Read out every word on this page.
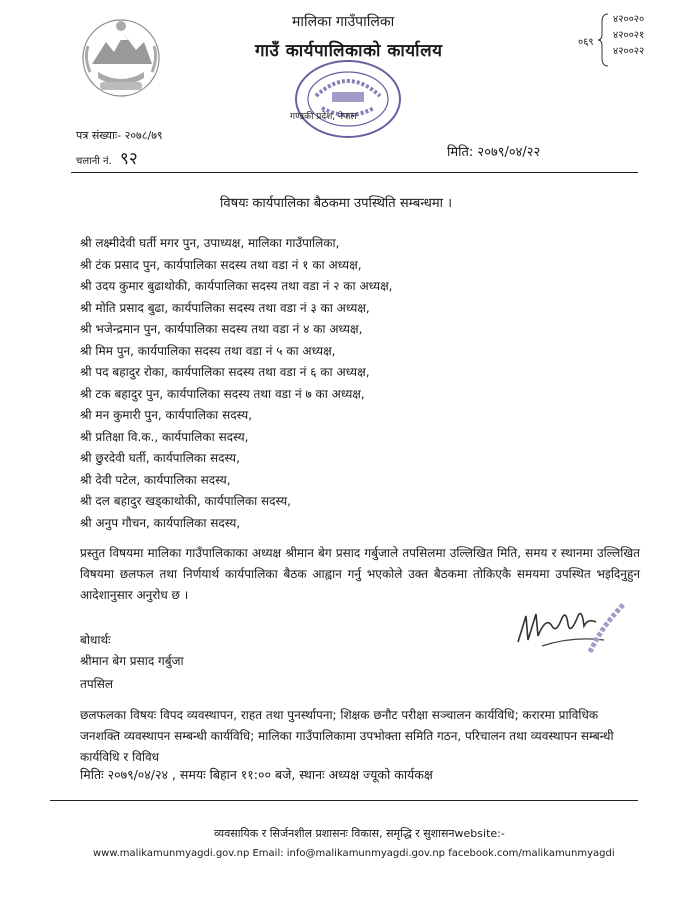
मालिका गाउँपालिका
गाउँ कार्यपालिकाको कार्यालय
गण्डकी प्रदेश, नेपाल
०६९
४२००२०
४२००२१
४२००२२
पत्र संख्याः- २०७८/७९
चलानी नं. ९२	मिति: २०७९/०४/२२
विषयः कार्यपालिका बैठकमा उपस्थिति सम्बन्धमा ।
श्री लक्ष्मीदेवी घर्ती मगर पुन, उपाध्यक्ष, मालिका गाउँपालिका,
श्री टंक प्रसाद पुन, कार्यपालिका सदस्य तथा वडा नं १ का अध्यक्ष,
श्री उदय कुमार बुढाथोकी, कार्यपालिका सदस्य तथा वडा नं २ का अध्यक्ष,
श्री मोति प्रसाद बुढा, कार्यपालिका सदस्य तथा वडा नं ३ का अध्यक्ष,
श्री भजेन्द्रमान पुन, कार्यपालिका सदस्य तथा वडा नं ४ का अध्यक्ष,
श्री मिम पुन, कार्यपालिका सदस्य तथा वडा नं ५ का अध्यक्ष,
श्री पद बहादुर रोका, कार्यपालिका सदस्य तथा वडा नं ६ का अध्यक्ष,
श्री टक बहादुर पुन, कार्यपालिका सदस्य तथा वडा नं ७ का अध्यक्ष,
श्री मन कुमारी पुन, कार्यपालिका सदस्य,
श्री प्रतिक्षा वि.क., कार्यपालिका सदस्य,
श्री छुरदेवी घर्ती, कार्यपालिका सदस्य,
श्री देवी पटेल, कार्यपालिका सदस्य,
श्री दल बहादुर खड्काथोकी, कार्यपालिका सदस्य,
श्री अनुप गौचन, कार्यपालिका सदस्य,
प्रस्तुत विषयमा मालिका गाउँपालिकाका अध्यक्ष श्रीमान बेग प्रसाद गर्बुजाले तपसिलमा उल्लिखित मिति, समय र स्थानमा उल्लिखित विषयमा छलफल तथा निर्णयार्थ कार्यपालिका बैठक आह्वान गर्नु भएकोले उक्त बैठकमा तोकिएकै समयमा उपस्थित भइदिनुहुन आदेशानुसार अनुरोध छ ।
बोधार्थः
श्रीमान बेग प्रसाद गर्बुजा
तपसिल
छलफलका विषयः विपद व्यवस्थापन, राहत तथा पुनर्स्थापना; शिक्षक छनौट परीक्षा सञ्चालन कार्यविधि; करारमा प्राविधिक जनशक्ति व्यवस्थापन सम्बन्धी कार्यविधि; मालिका गाउँपालिकामा उपभोक्ता समिति गठन, परिचालन तथा व्यवस्थापन सम्बन्धी कार्यविधि र विविध
मितिः २०७९/०४/२४ , समयः बिहान ११:०० बजे, स्थानः अध्यक्ष ज्यूको कार्यकक्ष
व्यवसायिक र सिर्जनशील प्रशासनः विकास, समृद्धि र सुशासनwebsite:-
www.malikamunmyagdi.gov.np Email: info@malikamunmyagdi.gov.np facebook.com/malikamunmyagdi
